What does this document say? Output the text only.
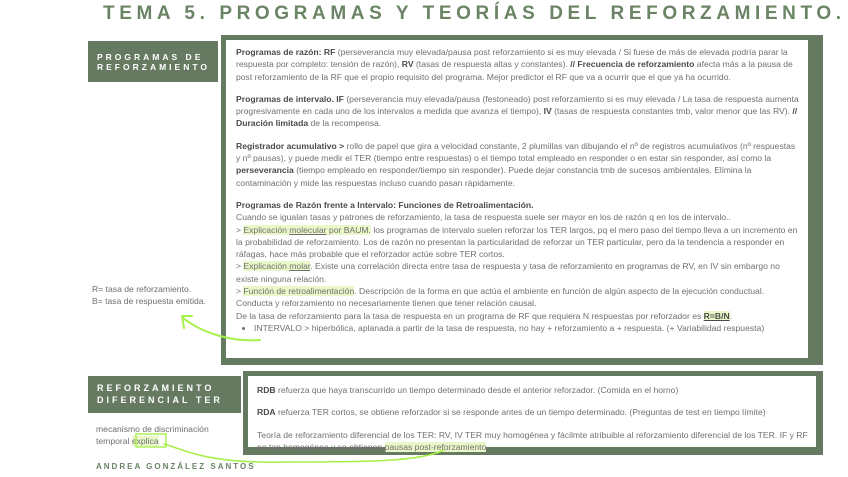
TEMA 5. PROGRAMAS Y TEORÍAS DEL REFORZAMIENTO.
PROGRAMAS DE
REFORZAMIENTO
R= tasa de reforzamiento.
B= tasa de respuesta emitida.

Programas de razón: RF (perseverancia muy elevada/pausa post reforzamiento si es muy elevada / Si fuese de más de elevada podría parar la respuesta por completo: tensión de razón), RV (tasas de respuesta altas y constantes). // Frecuencia de reforzamiento afecta más a la pausa de post reforzamiento de la RF que el propio requisito del programa. Mejor predictor el RF que va a ocurrir que el que ya ha ocurrido.

Programas de intervalo. IF (perseverancia muy elevada/pausa (festoneado) post reforzamiento si es muy elevada / La tasa de respuesta aumenta progresivamente en cada uno de los intervalos a medida que avanza el tiempo), IV (tasas de respuesta constantes tmb, valor menor que las RV). // Duración limitada de la recompensa.

Registrador acumulativo > rollo de papel que gira a velocidad constante, 2 plumillas van dibujando el nº de registros acumulativos (nº respuestas y nº pausas), y puede medir el TER (tiempo entre respuestas) o el tiempo total empleado en responder o en estar sin responder, así como la perseverancia (tiempo empleado en responder/tiempo sin responder). Puede dejar constancia tmb de sucesos ambientales. Elimina la contaminación y mide las respuestas incluso cuando pasan rápidamente.

Programas de Razón frente a Intervalo: Funciones de Retroalimentación.

Cuando se igualan tasas y patrones de reforzamiento, la tasa de respuesta suele ser mayor en los de razón q en los de intervalo..

> Explicación molecular por BAUM. los programas de intervalo suelen reforzar los TER largos, pq el mero paso del tiempo lleva a un incremento en la probabilidad de reforzamiento. Los de razón no presentan la particularidad de reforzar un TER particular, pero da la tendencia a responder en ráfagas, hace más probable que el reforzador actúe sobre TER cortos.

> Explicación molar. Existe una correlación directa entre tasa de respuesta y tasa de reforzamiento en programas de RV, en IV sin embargo no existe ninguna relación.

> Función de retroalimentación. Descripción de la forma en que actúa el ambiente en función de algún aspecto de la ejecución conductual. Conducta y reforzamiento no necesariamente tienen que tener relación causal.

De la tasa de reforzamiento para la tasa de respuesta en un programa de RF que requiera N respuestas por reforzador es R=B/N.

• INTERVALO > hiperbólica, aplanada a partir de la tasa de respuesta, no hay + reforzamiento a + respuesta. (+ Variabilidad respuesta)
REFORZAMIENTO
DIFERENCIAL TER
mecanismo de discriminación
temporal explica

RDB refuerza que haya transcurrido un tiempo determinado desde el anterior reforzador. (Comida en el horno)

RDA refuerza TER cortos, se obtiene reforzador si se responde antes de un tiempo determinado. (Preguntas de test en tiempo límite)

Teoría de reforzamiento diferencial de los TER: RV, IV TER muy homogénea y fácilmte atribuible al reforzamiento diferencial de los TER. IF y RF no tan homogénea y se obtienen pausas post-reforzamiento.

ANDREA GONZÁLEZ SANTOS
